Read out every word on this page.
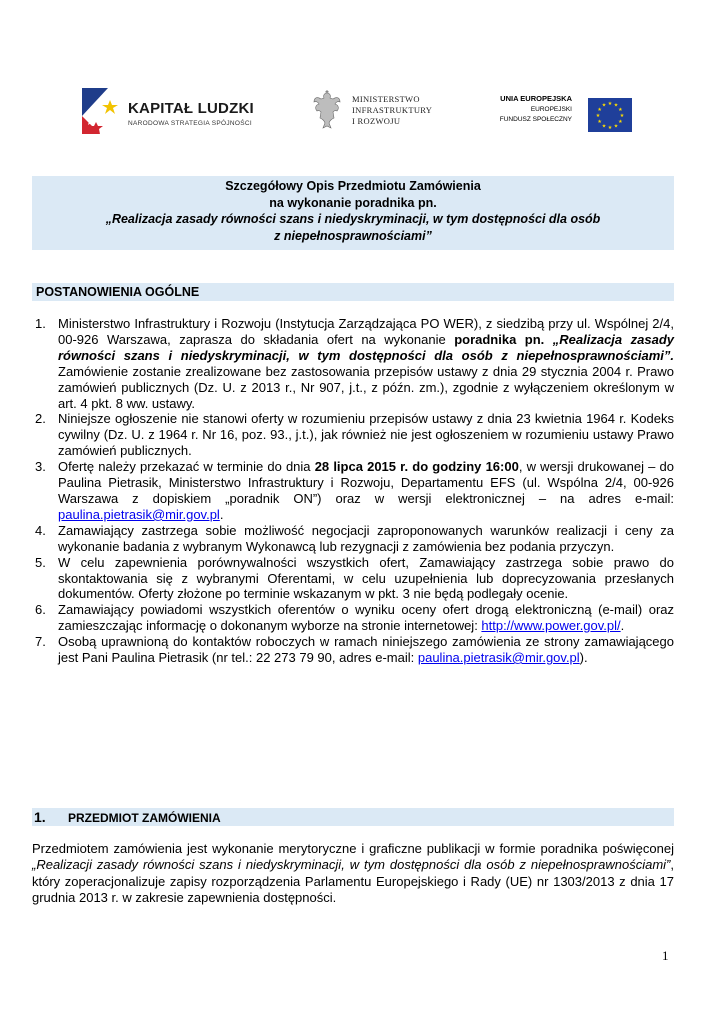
KAPITAŁ LUDZKI
NARODOWA STRATEGIA SPÓJNOŚCI
MINISTERSTWO
INFRASTRUKTURY
I ROZWOJU
UNIA EUROPEJSKA
EUROPEJSKI
FUNDUSZ SPOŁECZNY
★ ★
★
★
★
★
★
★
★
★
★
★
Szczegółowy Opis Przedmiotu Zamówienia
na wykonanie poradnika pn.
„Realizacja zasady równości szans i niedyskryminacji, w tym dostępności dla osób
z niepełnosprawnościami”
POSTANOWIENIA OGÓLNE
1. Ministerstwo Infrastruktury i Rozwoju (Instytucja Zarządzająca PO WER), z siedzibą przy ul. Wspólnej 2/4, 00-926 Warszawa, zaprasza do składania ofert na wykonanie poradnika pn. „Realizacja zasady równości szans i niedyskryminacji, w tym dostępności dla osób z niepełnosprawnościami”. Zamówienie zostanie zrealizowane bez zastosowania przepisów ustawy z dnia 29 stycznia 2004 r. Prawo zamówień publicznych (Dz. U. z 2013 r., Nr 907, j.t., z późn. zm.), zgodnie z wyłączeniem określonym w art. 4 pkt. 8 ww. ustawy.
2. Niniejsze ogłoszenie nie stanowi oferty w rozumieniu przepisów ustawy z dnia 23 kwietnia 1964 r. Kodeks cywilny (Dz. U. z 1964 r. Nr 16, poz. 93., j.t.), jak również nie jest ogłoszeniem w rozumieniu ustawy Prawo zamówień publicznych.
3. Ofertę należy przekazać w terminie do dnia 28 lipca 2015 r. do godziny 16:00, w wersji drukowanej – do Paulina Pietrasik, Ministerstwo Infrastruktury i Rozwoju, Departamentu EFS (ul. Wspólna 2/4, 00-926 Warszawa z dopiskiem „poradnik ON”) oraz w wersji elektronicznej – na adres e-mail: paulina.pietrasik@mir.gov.pl.
4. Zamawiający zastrzega sobie możliwość negocjacji zaproponowanych warunków realizacji i ceny za wykonanie badania z wybranym Wykonawcą lub rezygnacji z zamówienia bez podania przyczyn.
5. W celu zapewnienia porównywalności wszystkich ofert, Zamawiający zastrzega sobie prawo do skontaktowania się z wybranymi Oferentami, w celu uzupełnienia lub doprecyzowania przesłanych dokumentów. Oferty złożone po terminie wskazanym w pkt. 3 nie będą podlegały ocenie.
6. Zamawiający powiadomi wszystkich oferentów o wyniku oceny ofert drogą elektroniczną (e-mail) oraz zamieszczając informację o dokonanym wyborze na stronie internetowej: http://www.power.gov.pl/.
7. Osobą uprawnioną do kontaktów roboczych w ramach niniejszego zamówienia ze strony zamawiającego jest Pani Paulina Pietrasik (nr tel.: 22 273 79 90, adres e-mail: paulina.pietrasik@mir.gov.pl).
1. PRZEDMIOT ZAMÓWIENIA
Przedmiotem zamówienia jest wykonanie merytoryczne i graficzne publikacji w formie poradnika poświęconej „Realizacji zasady równości szans i niedyskryminacji, w tym dostępności dla osób z niepełnosprawnościami”, który zoperacjonalizuje zapisy rozporządzenia Parlamentu Europejskiego i Rady (UE) nr 1303/2013 z dnia 17 grudnia 2013 r. w zakresie zapewnienia dostępności.
1
